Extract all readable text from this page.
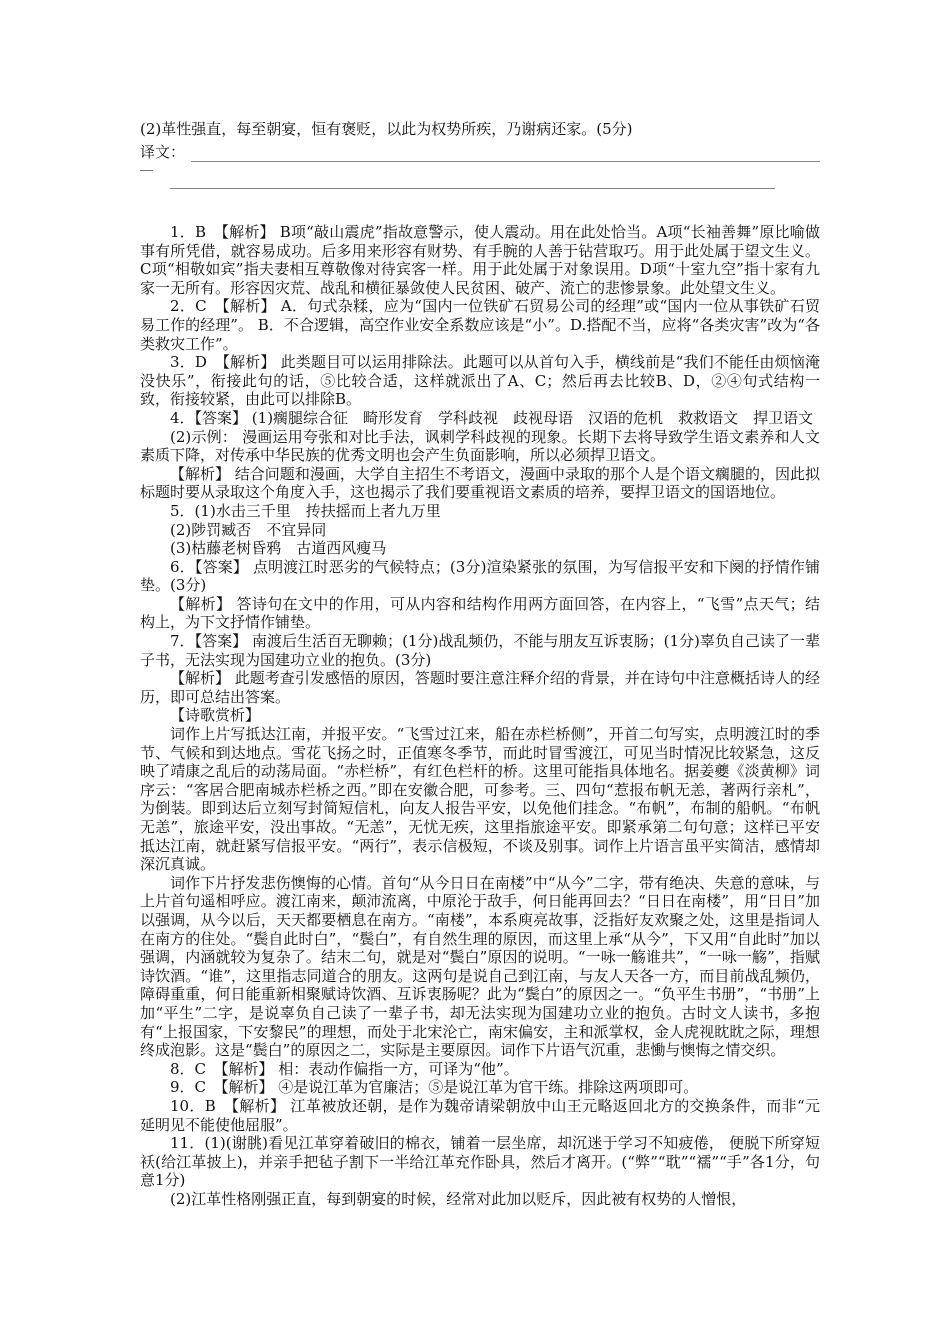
(2)革性强直，每至朝宴，恒有褒贬，以此为权势所疾，乃谢病还家。(5分)

译文：

1．B　【解析】 B项“敲山震虎”指故意警示，使人震动。用在此处恰当。A项“长袖善舞”原比喻做事有所凭借，就容易成功。后多用来形容有财势、有手腕的人善于钻营取巧。用于此处属于望文生义。C项“相敬如宾”指夫妻相互尊敬像对待宾客一样。用于此处属于对象误用。D项“十室九空”指十家有九家一无所有。形容因灾荒、战乱和横征暴敛使人民贫困、破产、流亡的悲惨景象。此处望文生义。

2．C　【解析】 A．句式杂糅，应为“国内一位铁矿石贸易公司的经理”或“国内一位从事铁矿石贸易工作的经理”。 B．不合逻辑，高空作业安全系数应该是“小”。D.搭配不当，应将“各类灾害”改为“各类救灾工作”。

3．D　【解析】 此类题目可以运用排除法。此题可以从首句入手，横线前是“我们不能任由烦恼淹没快乐”，衔接此句的话，⑤比较合适，这样就派出了A、C；然后再去比较B、D，②④句式结构一致，衔接较紧，由此可以排除B。

4．【答案】 (1)瘸腿综合征　畸形发育　学科歧视　歧视母语　汉语的危机　救救语文　捍卫语文

(2)示例： 漫画运用夸张和对比手法，讽刺学科歧视的现象。长期下去将导致学生语文素养和人文素质下降，对传承中华民族的优秀文明也会产生负面影响，所以必须捍卫语文。

【解析】 结合问题和漫画，大学自主招生不考语文，漫画中录取的那个人是个语文瘸腿的，因此拟标题时要从录取这个角度入手，这也揭示了我们要重视语文素质的培养，要捍卫语文的国语地位。

5．(1)水击三千里　抟扶摇而上者九万里

(2)陟罚臧否　不宜异同

(3)枯藤老树昏鸦　古道西风瘦马

6．【答案】 点明渡江时恶劣的气候特点；(3分)渲染紧张的氛围，为写信报平安和下阕的抒情作铺垫。(3分)

【解析】 答诗句在文中的作用，可从内容和结构作用两方面回答，在内容上，“飞雪”点天气；结构上，为下文抒情作铺垫。

7．【答案】 南渡后生活百无聊赖；(1分)战乱频仍，不能与朋友互诉衷肠；(1分)辜负自己读了一辈子书，无法实现为国建功立业的抱负。(3分)

【解析】 此题考查引发感悟的原因，答题时要注意注释介绍的背景，并在诗句中注意概括诗人的经历，即可总结出答案。

【诗歌赏析】

词作上片写抵达江南，并报平安。“飞雪过江来，船在赤栏桥侧”，开首二句写实，点明渡江时的季节、气候和到达地点。雪花飞扬之时，正值寒冬季节，而此时冒雪渡江，可见当时情况比较紧急，这反映了靖康之乱后的动荡局面。“赤栏桥”，有红色栏杆的桥。这里可能指具体地名。据姜夔《淡黄柳》词序云：“客居合肥南城赤栏桥之西。”即在安徽合肥，可参考。三、四句“惹报布帆无恙，著两行亲札”，为倒装。即到达后立刻写封简短信札，向友人报告平安，以免他们挂念。“布帆”，布制的船帆。“布帆无恙”，旅途平安，没出事故。“无恙”，无忧无疾，这里指旅途平安。即紧承第二句句意；这样已平安抵达江南，就赶紧写信报平安。“两行”，表示信极短，不谈及别事。词作上片语言虽平实简洁，感情却深沉真诚。

词作下片抒发悲伤懊悔的心情。首句“从今日日在南楼”中“从今”二字，带有绝决、失意的意味，与上片首句遥相呼应。渡江南来，颠沛流离，中原沦于敌手，何日能再回去？“日日在南楼”，用“日日”加以强调，从今以后，天天都要栖息在南方。“南楼”，本系庾亮故事，泛指好友欢聚之处，这里是指词人在南方的住处。“鬓自此时白”，“鬓白”，有自然生理的原因，而这里上承“从今”，下又用“自此时”加以强调，内涵就较为复杂了。结末二句，就是对“鬓白”原因的说明。“一咏一觞谁共”，“一咏一觞”，指赋诗饮酒。“谁”，这里指志同道合的朋友。这两句是说自己到江南，与友人天各一方，而目前战乱频仍，障碍重重，何日能重新相聚赋诗饮酒、互诉衷肠呢？此为“鬓白”的原因之一。“负平生书册”，“书册”上加“平生”二字，是说辜负自己读了一辈子书，却无法实现为国建功立业的抱负。古时文人读书，多抱有“上报国家，下安黎民”的理想，而处于北宋沦亡，南宋偏安，主和派掌权，金人虎视眈眈之际，理想终成泡影。这是“鬓白”的原因之二，实际是主要原因。词作下片语气沉重，悲慟与懊悔之情交织。

8．C　【解析】 相：表动作偏指一方，可译为“他”。

9．C　【解析】 ④是说江革为官廉洁；⑤是说江革为官干练。排除这两项即可。

10．B　【解析】 江革被放还朝，是作为魏帝请梁朝放中山王元略返回北方的交换条件，而非“元延明见不能使他屈服”。

11．(1)(谢朓)看见江革穿着破旧的棉衣，铺着一层坐席，却沉迷于学习不知疲倦， 便脱下所穿短袄(给江革披上)，并亲手把毡子割下一半给江革充作卧具，然后才离开。(“弊”“耽”“襦”“手”各1分，句意1分)

(2)江革性格刚强正直，每到朝宴的时候，经常对此加以贬斥，因此被有权势的人憎恨，
